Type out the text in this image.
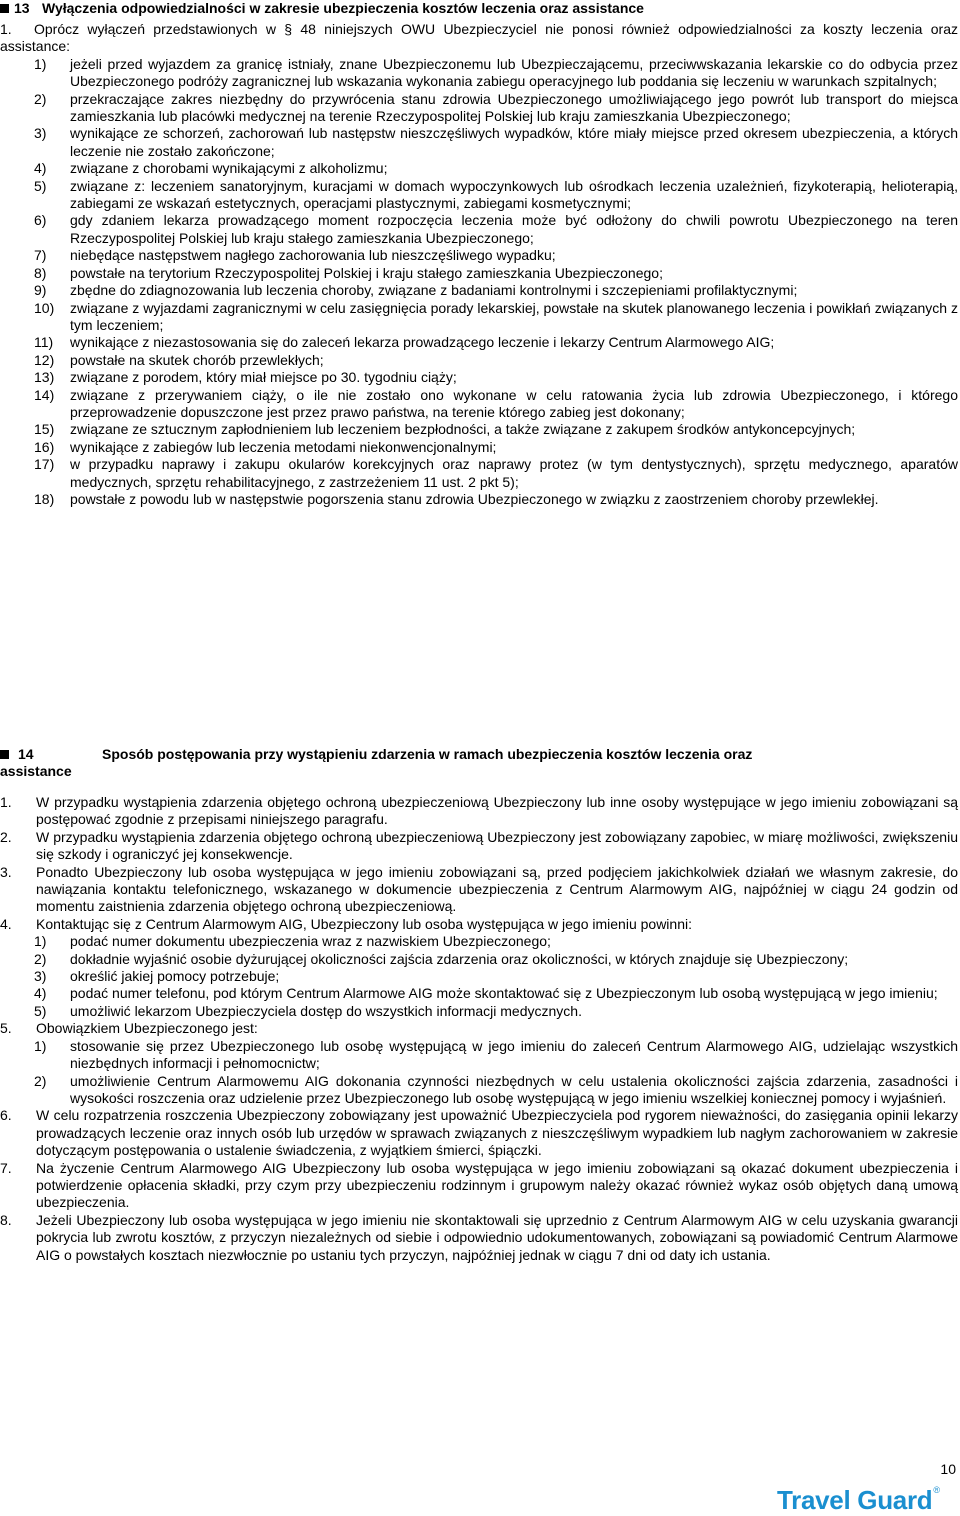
13 Wyłączenia odpowiedzialności w zakresie ubezpieczenia kosztów leczenia oraz assistance
1.	Oprócz wyłączeń przedstawionych w § 48 niniejszych OWU Ubezpieczyciel nie ponosi również odpowiedzialności za koszty leczenia oraz assistance:
1) jeżeli przed wyjazdem za granicę istniały, znane Ubezpieczonemu lub Ubezpieczającemu, przeciwwskazania lekarskie co do odbycia przez Ubezpieczonego podróży zagranicznej lub wskazania wykonania zabiegu operacyjnego lub poddania się leczeniu w warunkach szpitalnych;
2) przekraczające zakres niezbędny do przywrócenia stanu zdrowia Ubezpieczonego umożliwiającego jego powrót lub transport do miejsca zamieszkania lub placówki medycznej na terenie Rzeczypospolitej Polskiej lub kraju zamieszkania Ubezpieczonego;
3) wynikające ze schorzeń, zachorowań lub następstw nieszczęśliwych wypadków, które miały miejsce przed okresem ubezpieczenia, a których leczenie nie zostało zakończone;
4) związane z chorobami wynikającymi z alkoholizmu;
5) związane z: leczeniem sanatoryjnym, kuracjami w domach wypoczynkowych lub ośrodkach leczenia uzależnień, fizykoterapią, helioterapią, zabiegami ze wskazań estetycznych, operacjami plastycznymi, zabiegami kosmetycznymi;
6) gdy zdaniem lekarza prowadzącego moment rozpoczęcia leczenia może być odłożony do chwili powrotu Ubezpieczonego na teren Rzeczypospolitej Polskiej lub kraju stałego zamieszkania Ubezpieczonego;
7) niebędące następstwem nagłego zachorowania lub nieszczęśliwego wypadku;
8) powstałe na terytorium Rzeczypospolitej Polskiej i kraju stałego zamieszkania Ubezpieczonego;
9) zbędne do zdiagnozowania lub leczenia choroby, związane z badaniami kontrolnymi i szczepieniami profilaktycznymi;
10) związane z wyjazdami zagranicznymi w celu zasięgnięcia porady lekarskiej, powstałe na skutek planowanego leczenia i powikłań związanych z tym leczeniem;
11) wynikające z niezastosowania się do zaleceń lekarza prowadzącego leczenie i lekarzy Centrum Alarmowego AIG;
12) powstałe na skutek chorób przewlekłych;
13) związane z porodem, który miał miejsce po 30. tygodniu ciąży;
14) związane z przerywaniem ciąży, o ile nie zostało ono wykonane w celu ratowania życia lub zdrowia Ubezpieczonego, i którego przeprowadzenie dopuszczone jest przez prawo państwa, na terenie którego zabieg jest dokonany;
15) związane ze sztucznym zapłodnieniem lub leczeniem bezpłodności, a także związane z zakupem środków antykoncepcyjnych;
16) wynikające z zabiegów lub leczenia metodami niekonwencjonalnymi;
17) w przypadku naprawy i zakupu okularów korekcyjnych oraz naprawy protez (w tym dentystycznych), sprzętu medycznego, aparatów medycznych, sprzętu rehabilitacyjnego, z zastrzeżeniem 11 ust. 2 pkt 5);
18) powstałe z powodu lub w następstwie pogorszenia stanu zdrowia Ubezpieczonego w związku z zaostrzeniem choroby przewlekłej.
14	Sposób postępowania przy wystąpieniu zdarzenia w ramach ubezpieczenia kosztów leczenia oraz
assistance
1. W przypadku wystąpienia zdarzenia objętego ochroną ubezpieczeniową Ubezpieczony lub inne osoby występujące w jego imieniu zobowiązani są postępować zgodnie z przepisami niniejszego paragrafu.
2. W przypadku wystąpienia zdarzenia objętego ochroną ubezpieczeniową Ubezpieczony jest zobowiązany zapobiec, w miarę możliwości, zwiększeniu się szkody i ograniczyć jej konsekwencje.
3. Ponadto Ubezpieczony lub osoba występująca w jego imieniu zobowiązani są, przed podjęciem jakichkolwiek działań we własnym zakresie, do nawiązania kontaktu telefonicznego, wskazanego w dokumencie ubezpieczenia z Centrum Alarmowym AIG, najpóźniej w ciągu 24 godzin od momentu zaistnienia zdarzenia objętego ochroną ubezpieczeniową.
4. Kontaktując się z Centrum Alarmowym AIG, Ubezpieczony lub osoba występująca w jego imieniu powinni:
1) podać numer dokumentu ubezpieczenia wraz z nazwiskiem Ubezpieczonego;
2) dokładnie wyjaśnić osobie dyżurującej okoliczności zajścia zdarzenia oraz okoliczności, w których znajduje się Ubezpieczony;
3) określić jakiej pomocy potrzebuje;
4) podać numer telefonu, pod którym Centrum Alarmowe AIG może skontaktować się z Ubezpieczonym lub osobą występującą w jego imieniu;
5) umożliwić lekarzom Ubezpieczyciela dostęp do wszystkich informacji medycznych.
5. Obowiązkiem Ubezpieczonego jest:
1) stosowanie się przez Ubezpieczonego lub osobę występującą w jego imieniu do zaleceń Centrum Alarmowego AIG, udzielając wszystkich niezbędnych informacji i pełnomocnictw;
2) umożliwienie Centrum Alarmowemu AIG dokonania czynności niezbędnych w celu ustalenia okoliczności zajścia zdarzenia, zasadności i wysokości roszczenia oraz udzielenie przez Ubezpieczonego lub osobę występującą w jego imieniu wszelkiej koniecznej pomocy i wyjaśnień.
6. W celu rozpatrzenia roszczenia Ubezpieczony zobowiązany jest upoważnić Ubezpieczyciela pod rygorem nieważności, do zasięgania opinii lekarzy prowadzących leczenie oraz innych osób lub urzędów w sprawach związanych z nieszczęśliwym wypadkiem lub nagłym zachorowaniem w zakresie dotyczącym postępowania o ustalenie świadczenia, z wyjątkiem śmierci, śpiączki.
7. Na życzenie Centrum Alarmowego AIG Ubezpieczony lub osoba występująca w jego imieniu zobowiązani są okazać dokument ubezpieczenia i potwierdzenie opłacenia składki, przy czym przy ubezpieczeniu rodzinnym i grupowym należy okazać również wykaz osób objętych daną umową ubezpieczenia.
8. Jeżeli Ubezpieczony lub osoba występująca w jego imieniu nie skontaktowali się uprzednio z Centrum Alarmowym AIG w celu uzyskania gwarancji pokrycia lub zwrotu kosztów, z przyczyn niezależnych od siebie i odpowiednio udokumentowanych, zobowiązani są powiadomić Centrum Alarmowe AIG o powstałych kosztach niezwłocznie po ustaniu tych przyczyn, najpóźniej jednak w ciągu 7 dni od daty ich ustania.
10
Travel Guard ®
